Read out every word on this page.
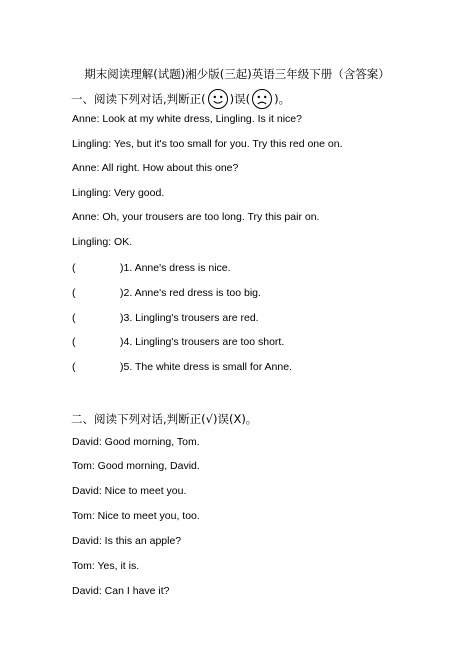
期末阅读理解(试题)湘少版(三起)英语三年级下册（含答案）
一、阅读下列对话,判断正( )误( )。
Anne: Look at my white dress, Lingling. Is it nice?
Lingling: Yes, but it's too small for you. Try this red one on.
Anne: All right. How about this one?
Lingling: Very good.
Anne: Oh, your trousers are too long. Try this pair on.
Lingling: OK.
(	)1. Anne's dress is nice.
(	)2. Anne's red dress is too big.
(	)3. Lingling's trousers are red.
(	)4. Lingling's trousers are too short.
(	)5. The white dress is small for Anne.
二、阅读下列对话,判断正(√)误(X)。
David: Good morning, Tom.
Tom: Good morning, David.
David: Nice to meet you.
Tom: Nice to meet you, too.
David: Is this an apple?
Tom: Yes, it is.
David: Can I have it?
